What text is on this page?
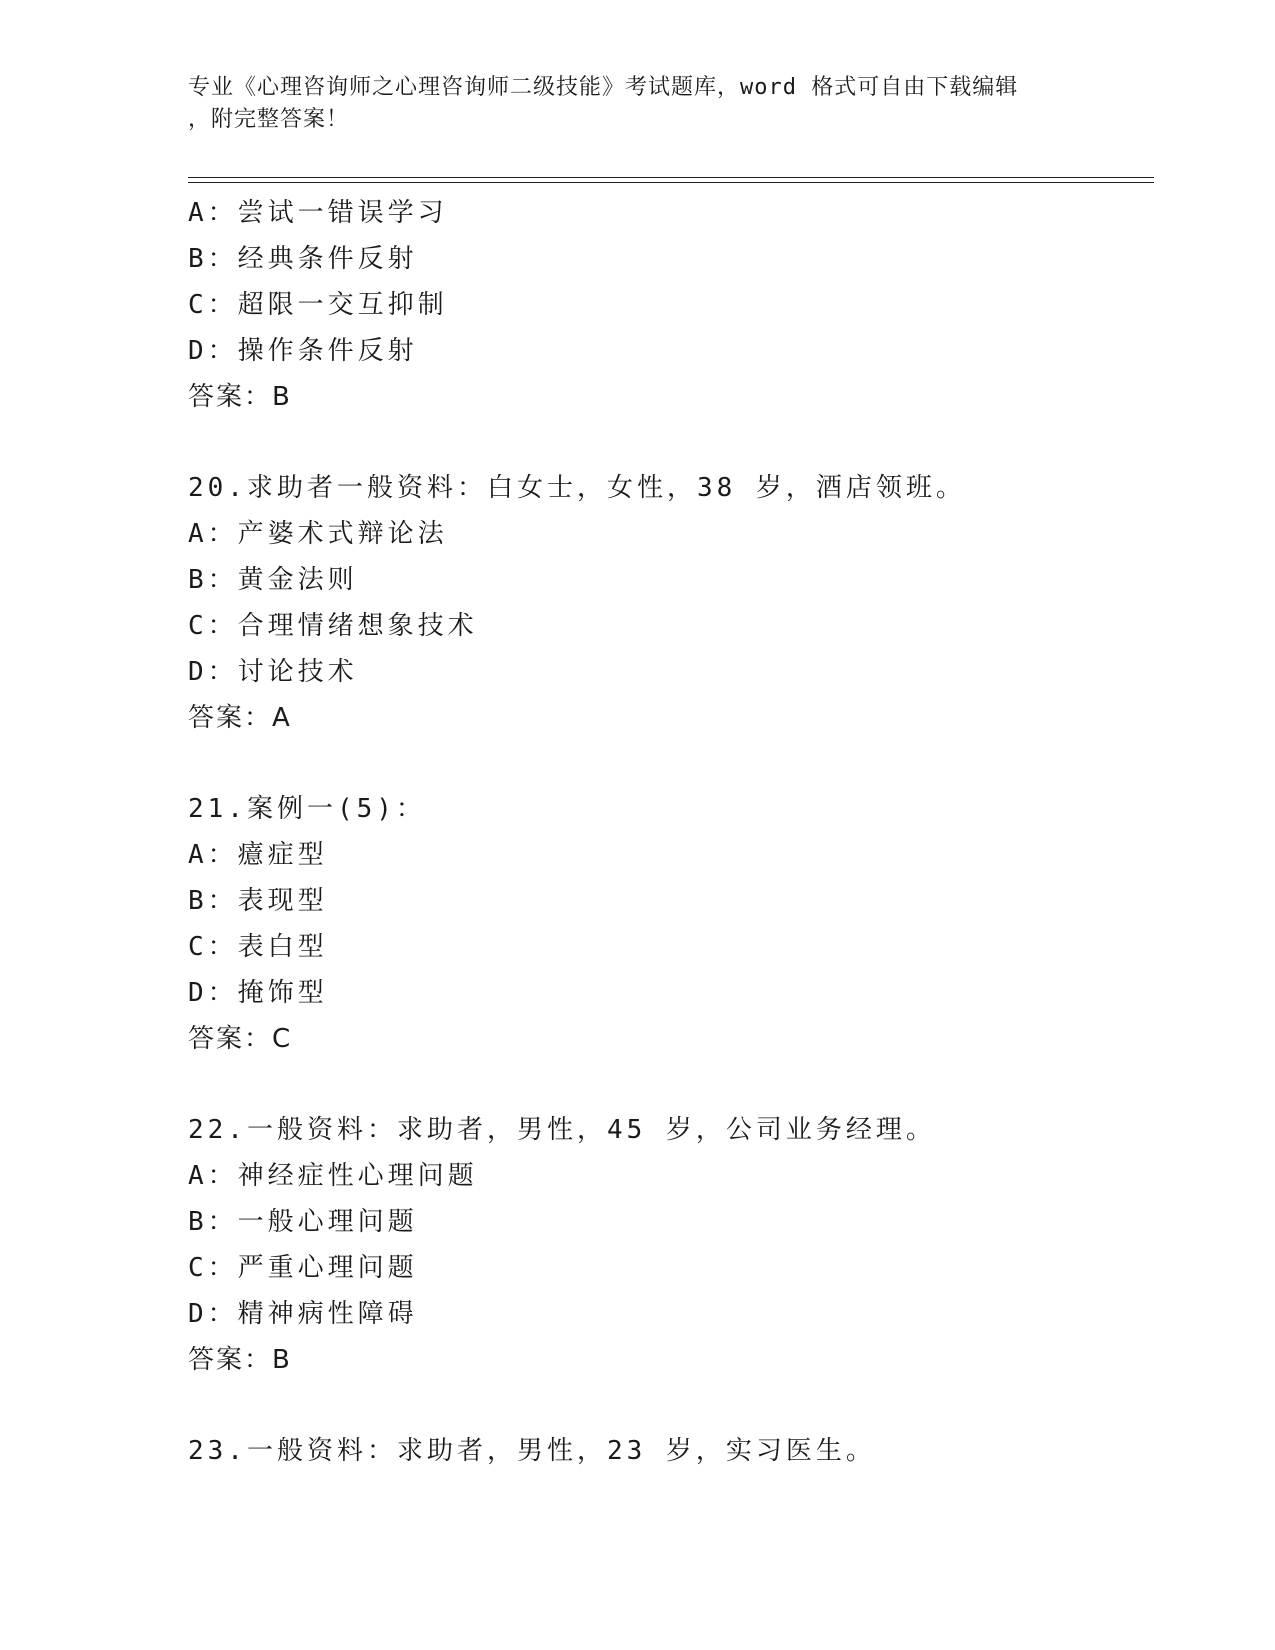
专业《心理咨询师之心理咨询师二级技能》考试题库，word 格式可自由下载编辑
，附完整答案！
A：尝试一错误学习
B：经典条件反射
C：超限一交互抑制
D：操作条件反射
答案：B
20.求助者一般资料：白女士，女性，38 岁，酒店领班。
A：产婆术式辩论法
B：黄金法则
C：合理情绪想象技术
D：讨论技术
答案：A
21.案例一(5)：
A：癔症型
B：表现型
C：表白型
D：掩饰型
答案：C
22.一般资料：求助者，男性，45 岁，公司业务经理。
A：神经症性心理问题
B：一般心理问题
C：严重心理问题
D：精神病性障碍
答案：B
23.一般资料：求助者，男性，23 岁，实习医生。
